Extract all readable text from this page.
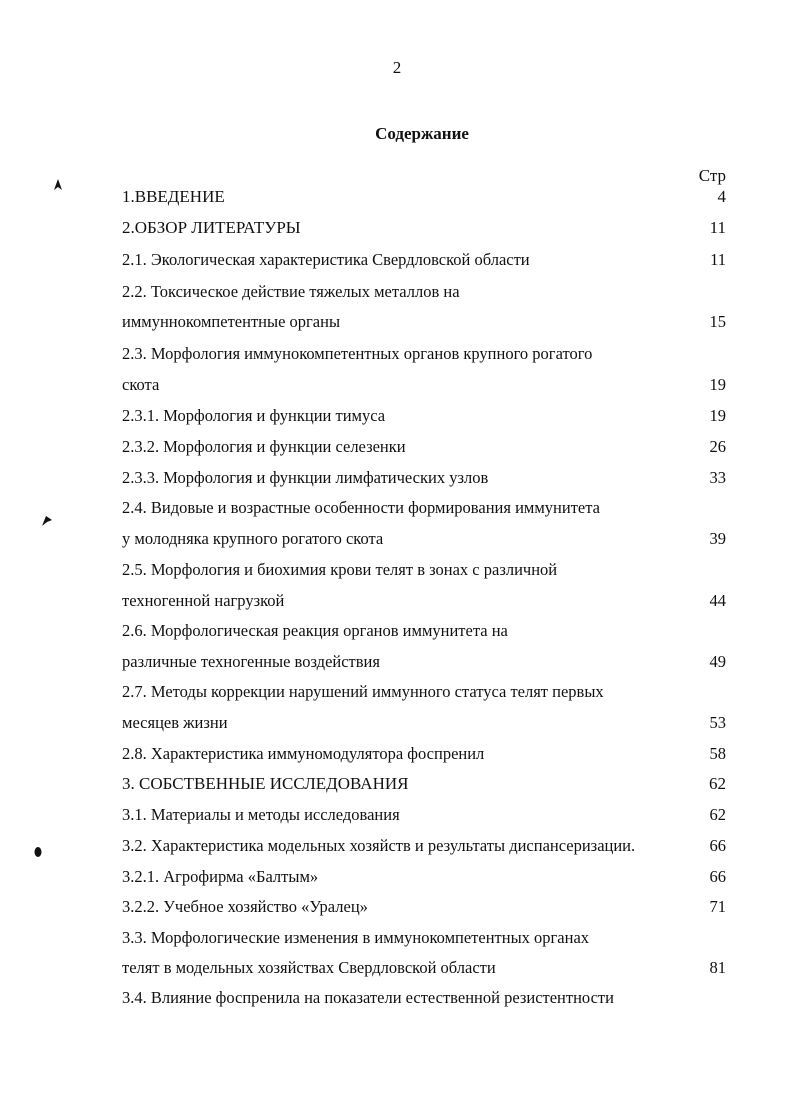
2
Содержание
Стр
1.ВВЕДЕНИЕ	4
2.ОБЗОР ЛИТЕРАТУРЫ	11
2.1. Экологическая характеристика Свердловской области	11
2.2. Токсическое действие тяжелых металлов на
иммуннокомпетентные органы	15
2.3. Морфология иммунокомпетентных органов крупного рогатого
скота	19
2.3.1. Морфология и функции тимуса	19
2.3.2. Морфология и функции селезенки	26
2.3.3. Морфология и функции лимфатических узлов	33
2.4. Видовые и возрастные особенности формирования иммунитета
у молодняка крупного рогатого скота	39
2.5. Морфология и биохимия крови телят в зонах с различной
техногенной нагрузкой	44
2.6. Морфологическая реакция органов иммунитета на
различные техногенные воздействия	49
2.7. Методы коррекции нарушений иммунного статуса телят первых
месяцев жизни	53
2.8. Характеристика иммуномодулятора фоспренил	58
3. СОБСТВЕННЫЕ ИССЛЕДОВАНИЯ	62
3.1. Материалы и методы исследования	62
3.2. Характеристика модельных хозяйств и результаты диспансеризации.	66
3.2.1. Агрофирма «Балтым»	66
3.2.2. Учебное хозяйство «Уралец»	71
3.3. Морфологические изменения в иммунокомпетентных органах
телят в модельных хозяйствах Свердловской области	81
3.4. Влияние фоспренила на показатели естественной резистентности
